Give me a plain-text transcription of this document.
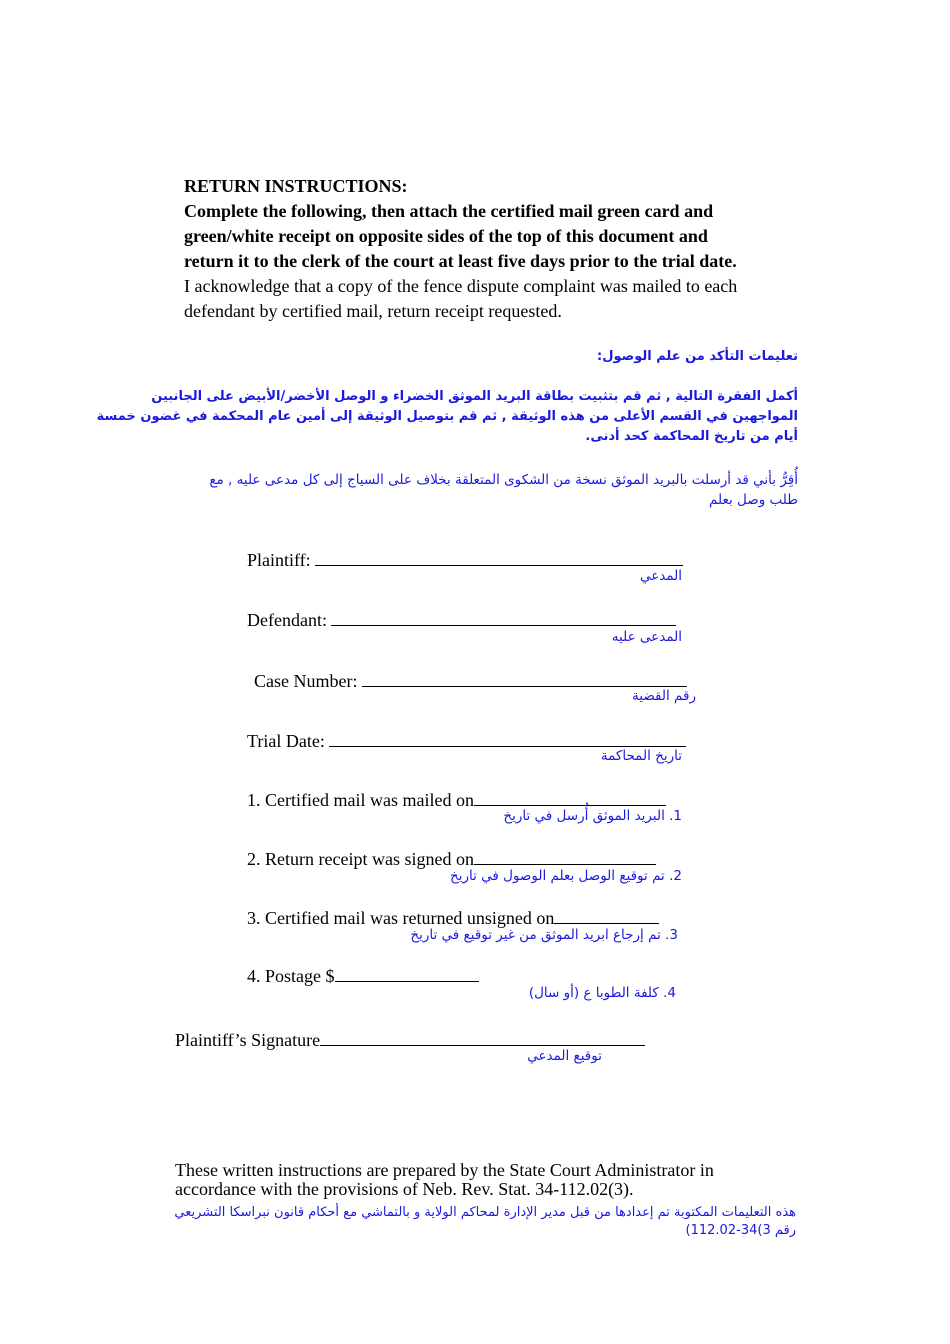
RETURN INSTRUCTIONS:
Complete the following, then attach the certified mail green card and
green/white receipt on opposite sides of the top of this document and
return it to the clerk of the court at least five days prior to the trial date.
I acknowledge that a copy of the fence dispute complaint was mailed to each
defendant by certified mail, return receipt requested.
تعليمات التأكد من علم الوصول:
أكمل الفقرة التالية , ثم قم بتثبيت بطاقة البريد الموثق الخضراء و الوصل الأخضر/الأبيض على الجانبين
المواجهين في القسم الأعلى من هذه الوثيقة , ثم قم بتوصيل الوثيقة إلى أمين عام المحكمة في غضون خمسة
أيام من تاريخ المحاكمة كحد أدنى.
أُقِرُّ بأني قد أرسلت بالبريد الموثق نسخة من الشكوى المتعلقة بخلاف على السياج إلى كل مدعى عليه , مع
طلب وصل بعلم
Plaintiff:
المدعي
Defendant:
المدعى عليه
Case Number:
رقم القضية
Trial Date:
تاريخ المحاكمة
1. Certified mail was mailed on
1. البريد الموثق أُرسل في تاريخ
2. Return receipt was signed on
2. تم توقيع الوصل بعلم الوصول في تاريخ
3. Certified mail was returned unsigned on
3. تم إرجاع ابريد الموثق من غير توقيع في تاريخ
4. Postage $
4. كلفة الطوبا ع (أو سال)
Plaintiff’s Signature
توقيع المدعي
These written instructions are prepared by the State Court Administrator in
accordance with the provisions of Neb. Rev. Stat. 34-112.02(3).
هذه التعليمات المكتوبة تم إعدادها من قبل مدير الإدارة لمحاكم الولاية و بالتماشي مع أحكام قانون نبراسكا التشريعي
رقم 3)34-112.02)
